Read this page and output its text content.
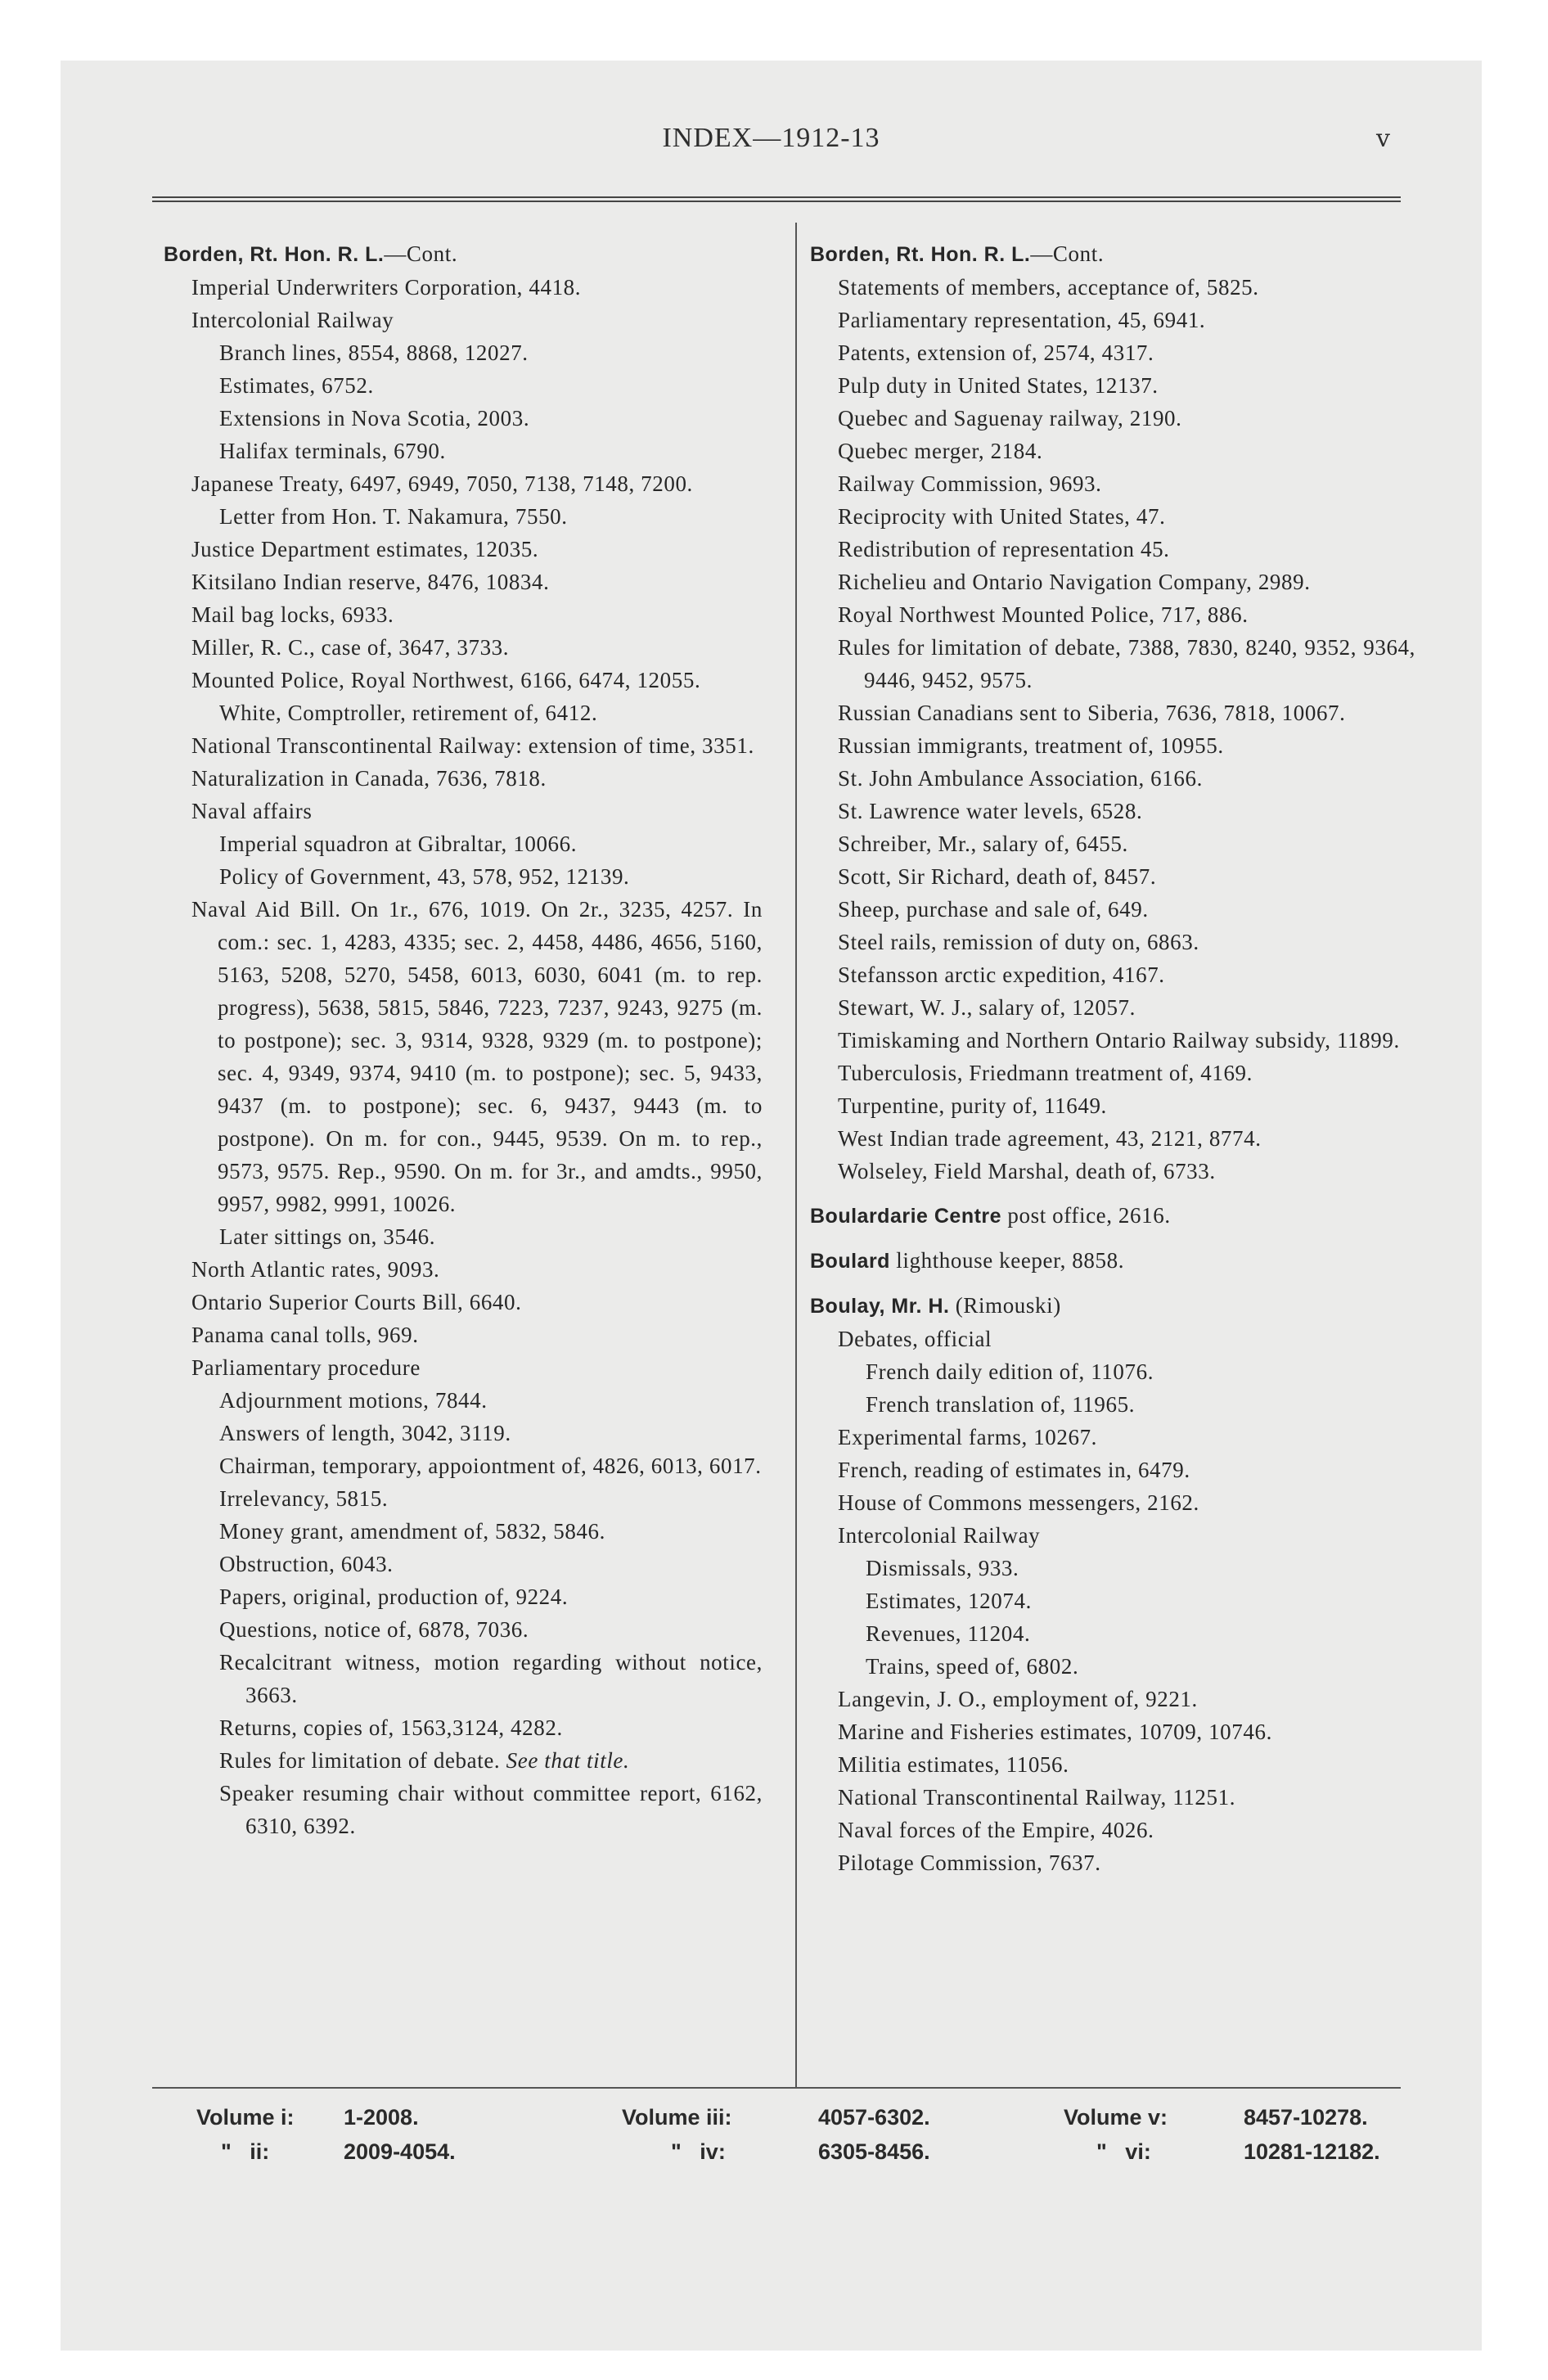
INDEX—1912-13	v
Borden, Rt. Hon. R. L.—Cont.
Imperial Underwriters Corporation, 4418.
Intercolonial Railway
Branch lines, 8554, 8868, 12027.
Estimates, 6752.
Extensions in Nova Scotia, 2003.
Halifax terminals, 6790.
Japanese Treaty, 6497, 6949, 7050, 7138, 7148, 7200.
Letter from Hon. T. Nakamura, 7550.
Justice Department estimates, 12035.
Kitsilano Indian reserve, 8476, 10834.
Mail bag locks, 6933.
Miller, R. C., case of, 3647, 3733.
Mounted Police, Royal Northwest, 6166, 6474, 12055.
White, Comptroller, retirement of, 6412.
National Transcontinental Railway: extension of time, 3351.
Naturalization in Canada, 7636, 7818.
Naval affairs
Imperial squadron at Gibraltar, 10066.
Policy of Government, 43, 578, 952, 12139.
Naval Aid Bill. On 1r., 676, 1019. On 2r., 3235, 4257. In com.: sec. 1, 4283, 4335; sec. 2, 4458, 4486, 4656, 5160, 5163, 5208, 5270, 5458, 6013, 6030, 6041 (m. to rep. progress), 5638, 5815, 5846, 7223, 7237, 9243, 9275 (m. to postpone); sec. 3, 9314, 9328, 9329 (m. to postpone); sec. 4, 9349, 9374, 9410 (m. to postpone); sec. 5, 9433, 9437 (m. to postpone); sec. 6, 9437, 9443 (m. to postpone). On m. for con., 9445, 9539. On m. to rep., 9573, 9575. Rep., 9590. On m. for 3r., and amdts., 9950, 9957, 9982, 9991, 10026.
Later sittings on, 3546.
North Atlantic rates, 9093.
Ontario Superior Courts Bill, 6640.
Panama canal tolls, 969.
Parliamentary procedure
Adjournment motions, 7844.
Answers of length, 3042, 3119.
Chairman, temporary, appoiontment of, 4826, 6013, 6017.
Irrelevancy, 5815.
Money grant, amendment of, 5832, 5846.
Obstruction, 6043.
Papers, original, production of, 9224.
Questions, notice of, 6878, 7036.
Recalcitrant witness, motion regarding without notice, 3663.
Returns, copies of, 1563,3124, 4282.
Rules for limitation of debate. See that title.
Speaker resuming chair without committee report, 6162, 6310, 6392.
Borden, Rt. Hon. R. L.—Cont.
Statements of members, acceptance of, 5825.
Parliamentary representation, 45, 6941.
Patents, extension of, 2574, 4317.
Pulp duty in United States, 12137.
Quebec and Saguenay railway, 2190.
Quebec merger, 2184.
Railway Commission, 9693.
Reciprocity with United States, 47.
Redistribution of representation 45.
Richelieu and Ontario Navigation Company, 2989.
Royal Northwest Mounted Police, 717, 886.
Rules for limitation of debate, 7388, 7830, 8240, 9352, 9364, 9446, 9452, 9575.
Russian Canadians sent to Siberia, 7636, 7818, 10067.
Russian immigrants, treatment of, 10955.
St. John Ambulance Association, 6166.
St. Lawrence water levels, 6528.
Schreiber, Mr., salary of, 6455.
Scott, Sir Richard, death of, 8457.
Sheep, purchase and sale of, 649.
Steel rails, remission of duty on, 6863.
Stefansson arctic expedition, 4167.
Stewart, W. J., salary of, 12057.
Timiskaming and Northern Ontario Railway subsidy, 11899.
Tuberculosis, Friedmann treatment of, 4169.
Turpentine, purity of, 11649.
West Indian trade agreement, 43, 2121, 8774.
Wolseley, Field Marshal, death of, 6733.
Boulardarie Centre post office, 2616.
Boulard lighthouse keeper, 8858.
Boulay, Mr. H. (Rimouski)
Debates, official
French daily edition of, 11076.
French translation of, 11965.
Experimental farms, 10267.
French, reading of estimates in, 6479.
House of Commons messengers, 2162.
Intercolonial Railway
Dismissals, 933.
Estimates, 12074.
Revenues, 11204.
Trains, speed of, 6802.
Langevin, J. O., employment of, 9221.
Marine and Fisheries estimates, 10709, 10746.
Militia estimates, 11056.
National Transcontinental Railway, 11251.
Naval forces of the Empire, 4026.
Pilotage Commission, 7637.
Volume i: 1-2008.	Volume iii:	4057-6302.	Volume v:	8457-10278.
"   ii:	2009-4054.	"   iv:	6305-8456.	"   vi:	10281-12182.
